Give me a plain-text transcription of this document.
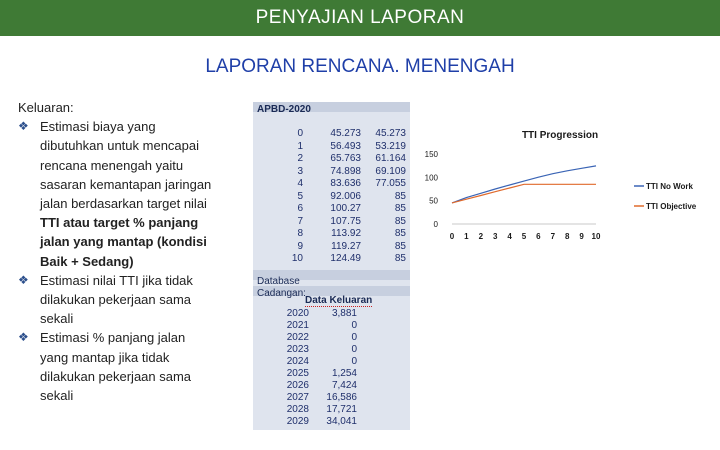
PENYAJIAN LAPORAN
LAPORAN RENCANA. MENENGAH
Keluaran:
❖ Estimasi biaya yang
dibutuhkan untuk mencapai
rencana menengah yaitu
sasaran kemantapan jaringan
jalan berdasarkan target nilai
TTI atau target % panjang
jalan yang mantap (kondisi
Baik + Sedang)
❖ Estimasi nilai TTI jika tidak
dilakukan pekerjaan sama
sekali
❖ Estimasi % panjang jalan
yang mantap jika tidak
dilakukan pekerjaan sama
sekali
APBD-2020
0	45.273	45.273
1	56.493	53.219
2	65.763	61.164
3	74.898	69.109
4	83.636	77.055
5	92.006	85
6	100.27	85
7	107.75	85
8	113.92	85
9	119.27	85
10	124.49	85
Database
Cadangan:
Data Keluaran
2020	3,881
2021	0
2022	0
2023	0
2024	0
2025	1,254
2026	7,424
2027	16,586
2028	17,721
2029	34,041
TTI Progression
0
50
100
150
0 1 2 3 4 5 6 7 8 9 10
TTI No Work
TTI Objective
